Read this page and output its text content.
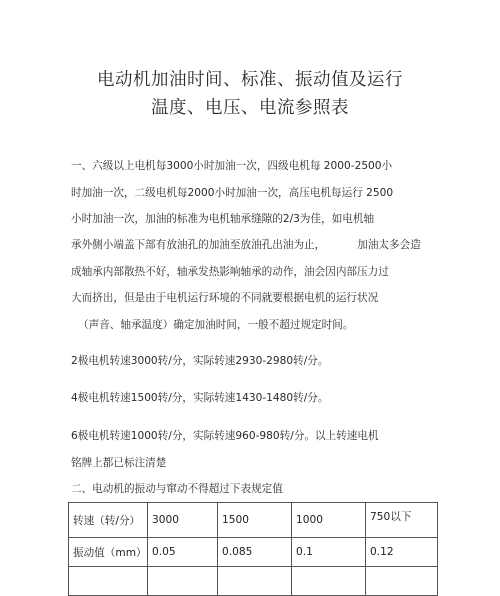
电动机加油时间、标准、振动值及运行
温度、电压、电流参照表
一、六级以上电机每3000小时加油一次，四级电机每 2000-2500小
时加油一次，二级电机每2000小时加油一次，高压电机每运行 2500
小时加油一次，加油的标准为电机轴承缝隙的2/3为佳，如电机轴
承外侧小端盖下部有放油孔的加油至放油孔出油为止，	加油太多会造
成轴承内部散热不好，轴承发热影响轴承的动作，油会因内部压力过
大而挤出，但是由于电机运行环境的不同就要根据电机的运行状况
（声音、轴承温度）确定加油时间，一般不超过规定时间。
2极电机转速3000转/分，实际转速2930-2980转/分。
4极电机转速1500转/分，实际转速1430-1480转/分。
6极电机转速1000转/分，实际转速960-980转/分。以上转速电机
铭牌上都已标注清楚
二、电动机的振动与窜动不得超过下表规定值
转速（转/分）	3000	1500	1000	750以下
振动值（mm）	0.05	0.085	0.1	0.12
